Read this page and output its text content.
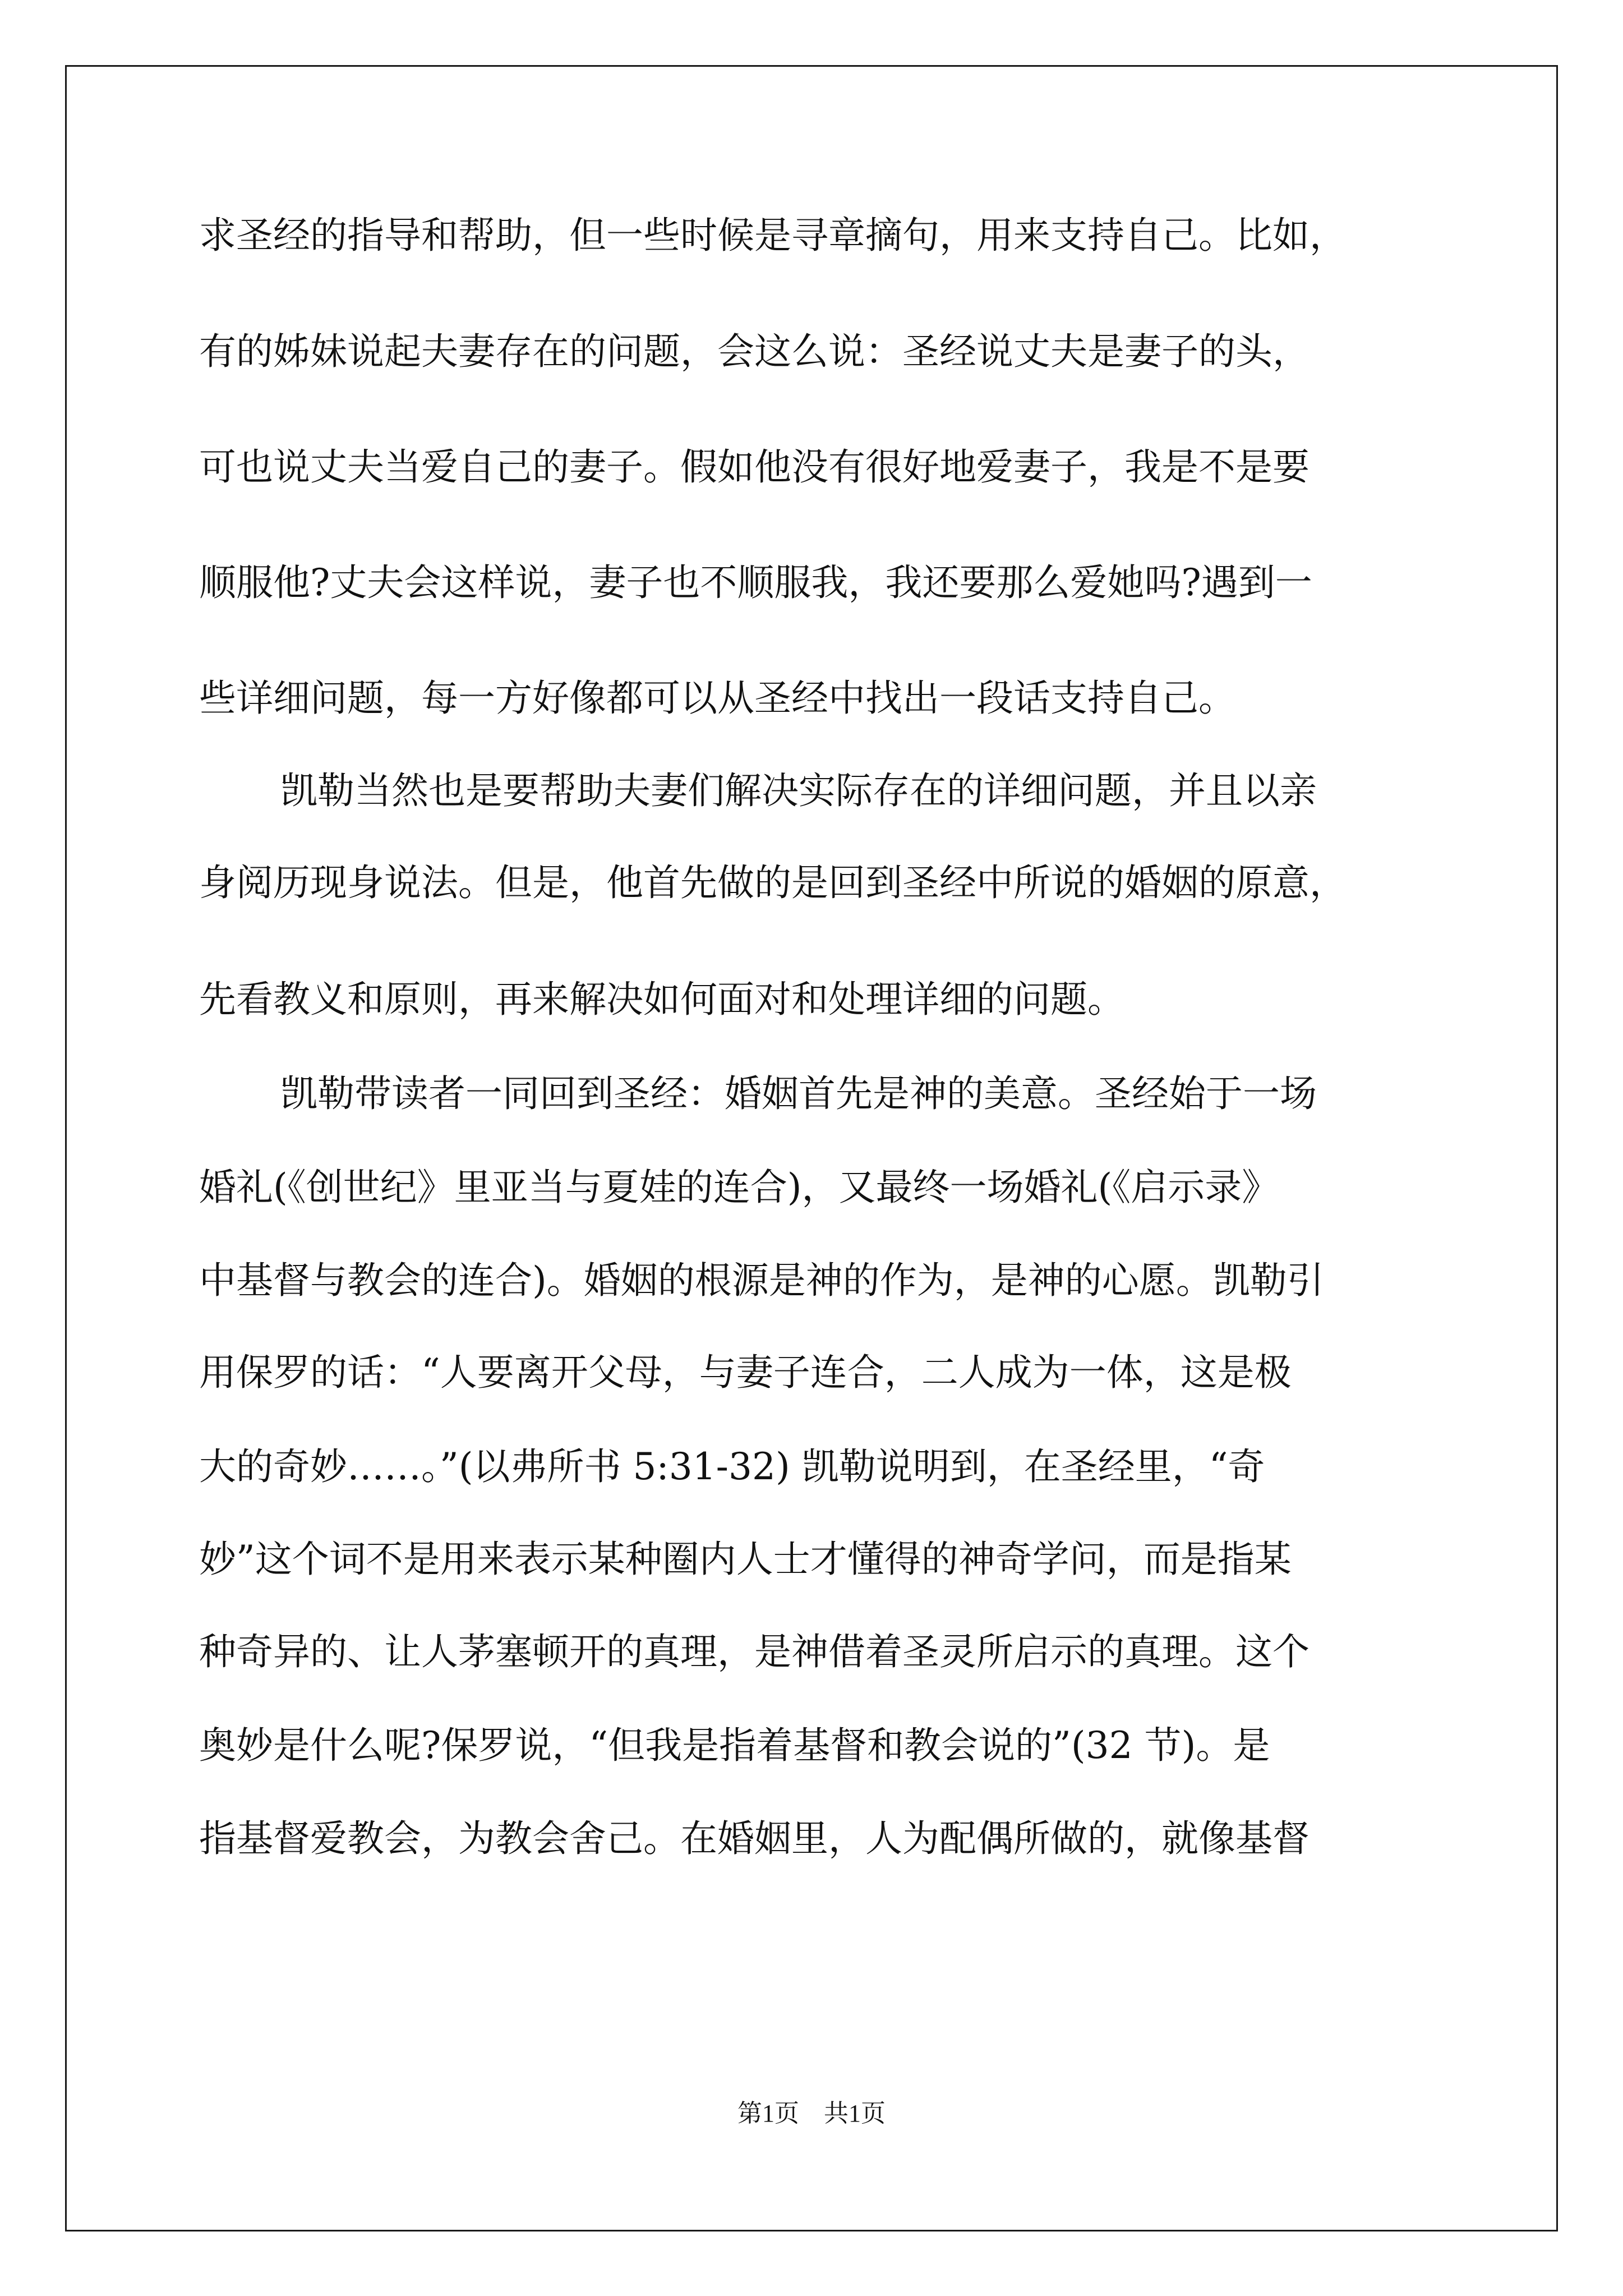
求圣经的指导和帮助，但一些时候是寻章摘句，用来支持自己。比如，
有的姊妹说起夫妻存在的问题，会这么说：圣经说丈夫是妻子的头，
可也说丈夫当爱自己的妻子。假如他没有很好地爱妻子，我是不是要
顺服他?丈夫会这样说，妻子也不顺服我，我还要那么爱她吗?遇到一
些详细问题，每一方好像都可以从圣经中找出一段话支持自己。
凯勒当然也是要帮助夫妻们解决实际存在的详细问题，并且以亲
身阅历现身说法。但是，他首先做的是回到圣经中所说的婚姻的原意，
先看教义和原则，再来解决如何面对和处理详细的问题。
凯勒带读者一同回到圣经：婚姻首先是神的美意。圣经始于一场
婚礼(《创世纪》里亚当与夏娃的连合)，又最终一场婚礼(《启示录》
中基督与教会的连合)。婚姻的根源是神的作为，是神的心愿。凯勒引
用保罗的话：“人要离开父母，与妻子连合，二人成为一体，这是极
大的奇妙……。”(以弗所书 5:31-32) 凯勒说明到，在圣经里，“奇
妙”这个词不是用来表示某种圈内人士才懂得的神奇学问，而是指某
种奇异的、让人茅塞顿开的真理，是神借着圣灵所启示的真理。这个
奥妙是什么呢?保罗说，“但我是指着基督和教会说的”(32 节)。是
指基督爱教会，为教会舍己。在婚姻里，人为配偶所做的，就像基督
第1页 共1页
